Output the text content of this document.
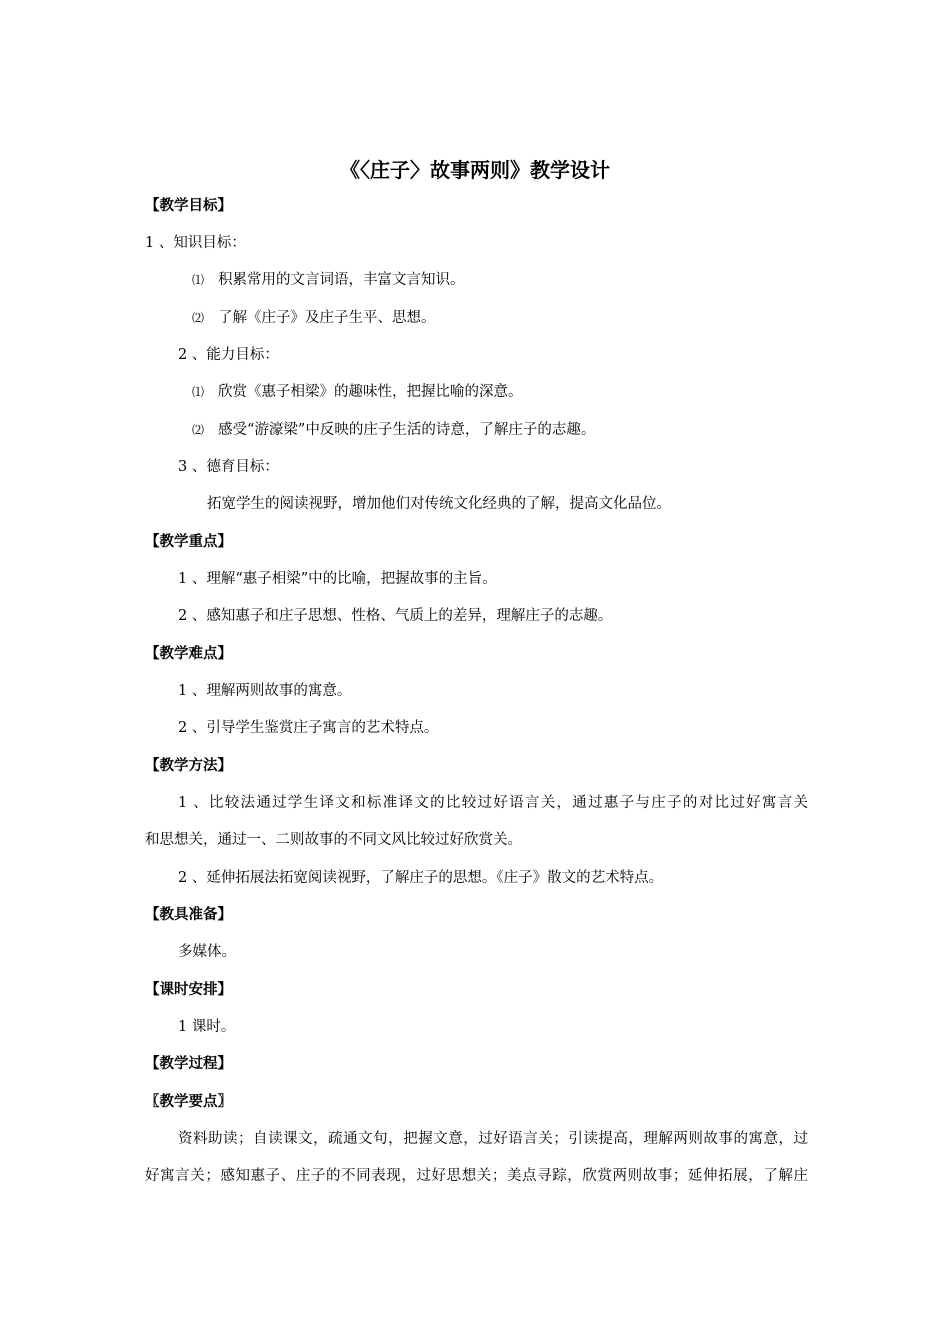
《〈庄子〉故事两则》教学设计
【教学目标】
1 、知识目标：
⑴ 积累常用的文言词语，丰富文言知识。
⑵ 了解《庄子》及庄子生平、思想。
2 、能力目标：
⑴ 欣赏《惠子相梁》的趣味性，把握比喻的深意。
⑵ 感受“游濠梁”中反映的庄子生活的诗意，了解庄子的志趣。
3 、德育目标：
拓宽学生的阅读视野，增加他们对传统文化经典的了解，提高文化品位。
【教学重点】
1 、理解“惠子相梁”中的比喻，把握故事的主旨。
2 、感知惠子和庄子思想、性格、气质上的差异，理解庄子的志趣。
【教学难点】
1 、理解两则故事的寓意。
2 、引导学生鉴赏庄子寓言的艺术特点。
【教学方法】
1 、比较法通过学生译文和标准译文的比较过好语言关，通过惠子与庄子的对比过好寓言关
和思想关，通过一、二则故事的不同文风比较过好欣赏关。
2 、延伸拓展法拓宽阅读视野，了解庄子的思想。《庄子》散文的艺术特点。
【教具准备】
多媒体。
【课时安排】
1 课时。
【教学过程】
〖教学要点〗
资料助读；自读课文，疏通文句，把握文意，过好语言关；引读提高，理解两则故事的寓意，过
好寓言关；感知惠子、庄子的不同表现，过好思想关；美点寻踪，欣赏两则故事；延伸拓展，了解庄
